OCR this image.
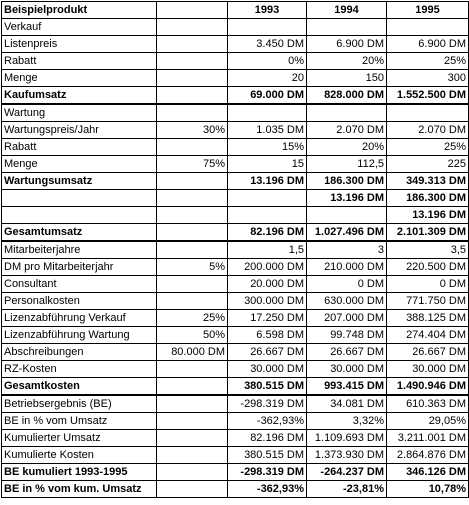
Beispielprodukt		1993	1994	1995
Verkauf				
Listenpreis		3.450 DM	6.900 DM	6.900 DM
Rabatt		0%	20%	25%
Menge		20	150	300
Kaufumsatz		69.000 DM	828.000 DM	1.552.500 DM
Wartung				
Wartungspreis/Jahr	30%	1.035 DM	2.070 DM	2.070 DM
Rabatt		15%	20%	25%
Menge	75%	15	112,5	225
Wartungsumsatz		13.196 DM	186.300 DM	349.313 DM
			13.196 DM	186.300 DM
				13.196 DM
Gesamtumsatz		82.196 DM	1.027.496 DM	2.101.309 DM
Mitarbeiterjahre		1,5	3	3,5
DM pro Mitarbeiterjahr	5%	200.000 DM	210.000 DM	220.500 DM
Consultant		20.000 DM	0 DM	0 DM
Personalkosten		300.000 DM	630.000 DM	771.750 DM
Lizenzabführung Verkauf	25%	17.250 DM	207.000 DM	388.125 DM
Lizenzabführung Wartung	50%	6.598 DM	99.748 DM	274.404 DM
Abschreibungen	80.000 DM	26.667 DM	26.667 DM	26.667 DM
RZ-Kosten		30.000 DM	30.000 DM	30.000 DM
Gesamtkosten		380.515 DM	993.415 DM	1.490.946 DM
Betriebsergebnis (BE)		-298.319 DM	34.081 DM	610.363 DM
BE in % vom Umsatz		-362,93%	3,32%	29,05%
Kumulierter Umsatz		82.196 DM	1.109.693 DM	3.211.001 DM
Kumulierte Kosten		380.515 DM	1.373.930 DM	2.864.876 DM
BE kumuliert 1993-1995		-298.319 DM	-264.237 DM	346.126 DM
BE in % vom kum. Umsatz		-362,93%	-23,81%	10,78%
